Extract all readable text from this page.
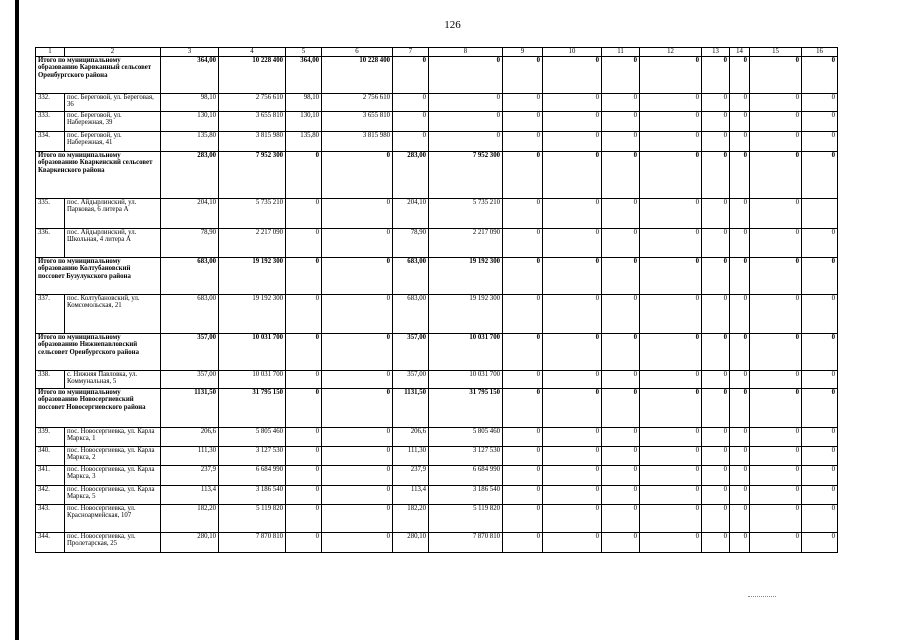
126
1	2	3	4	5	6	7	8	9	10	11	12	13	14	15	16
Итого по муниципальному образованию Карвканный сельсовет Оренбургского района		364,00	10 228 400	364,00	10 228 400	0	0	0	0	0	0	0	0	0	0
332.	пос. Береговой, ул. Береговая, 36	98,10	2 756 610	98,10	2 756 610	0	0	0	0	0	0	0	0	0	0
333.	пос. Береговой, ул. Набережная, 39	130,10	3 655 810	130,10	3 655 810	0	0	0	0	0	0	0	0	0	0
334.	пос. Береговой, ул. Набережная, 41	135,80	3 815 980	135,80	3 815 980	0	0	0	0	0	0	0	0	0	0
Итого по муниципальному образованию Кваркенский сельсовет Кваркенского района		283,00	7 952 300	0	0	283,00	7 952 300	0	0	0	0	0	0	0	0
335.	пос. Айдырлинский, ул. Парковая, 6 литера А	204,10	5 735 210	0	0	204,10	5 735 210	0	0	0	0	0	0	0	
336.	пос. Айдырлинский, ул. Школьная, 4 литера А	78,90	2 217 090	0	0	78,90	2 217 090	0	0	0	0	0	0	0	0
Итого по муниципальному образованию Колтубановский поссовет Бузулукского района		683,00	19 192 300	0	0	683,00	19 192 300	0	0	0	0	0	0	0	0
337.	пос. Колтубановский, ул. Комсомольская, 21	683,00	19 192 300	0	0	683,00	19 192 300	0	0	0	0	0	0	0	0
Итого по муниципальному образованию Нижнепавловский сельсовет Оренбургского района		357,00	10 031 700	0	0	357,00	10 031 700	0	0	0	0	0	0	0	0
338.	с. Нижняя Павловка, ул. Коммунальная, 5	357,00	10 031 700	0	0	357,00	10 031 700	0	0	0	0	0	0	0	0
Итого по муниципальному образованию Новосергиевский поссовет Новосергиевского района		1131,50	31 795 150	0	0	1131,50	31 795 150	0	0	0	0	0	0	0	0
339.	пос. Новосергиевка, ул. Карла Маркса, 1	206,6	5 805 460	0	0	206,6	5 805 460	0	0	0	0	0	0	0	0
340.	пос. Новосергиевка, ул. Карла Маркса, 2	111,30	3 127 530	0	0	111,30	3 127 530	0	0	0	0	0	0	0	0
341.	пос. Новосергиевка, ул. Карла Маркса, 3	237,9	6 684 990	0	0	237,9	6 684 990	0	0	0	0	0	0	0	0
342.	пос. Новосергиевка, ул. Карла Маркса, 5	113,4	3 186 540	0	0	113,4	3 186 540	0	0	0	0	0	0	0	0
343.	пос. Новосергиевка, ул. Красноармейская, 107	182,20	5 119 820	0	0	182,20	5 119 820	0	0	0	0	0	0	0	0
344.	пос. Новосергиевка, ул. Пролетарская, 25	280,10	7 870 810	0	0	280,10	7 870 810	0	0	0	0	0	0	0	0
